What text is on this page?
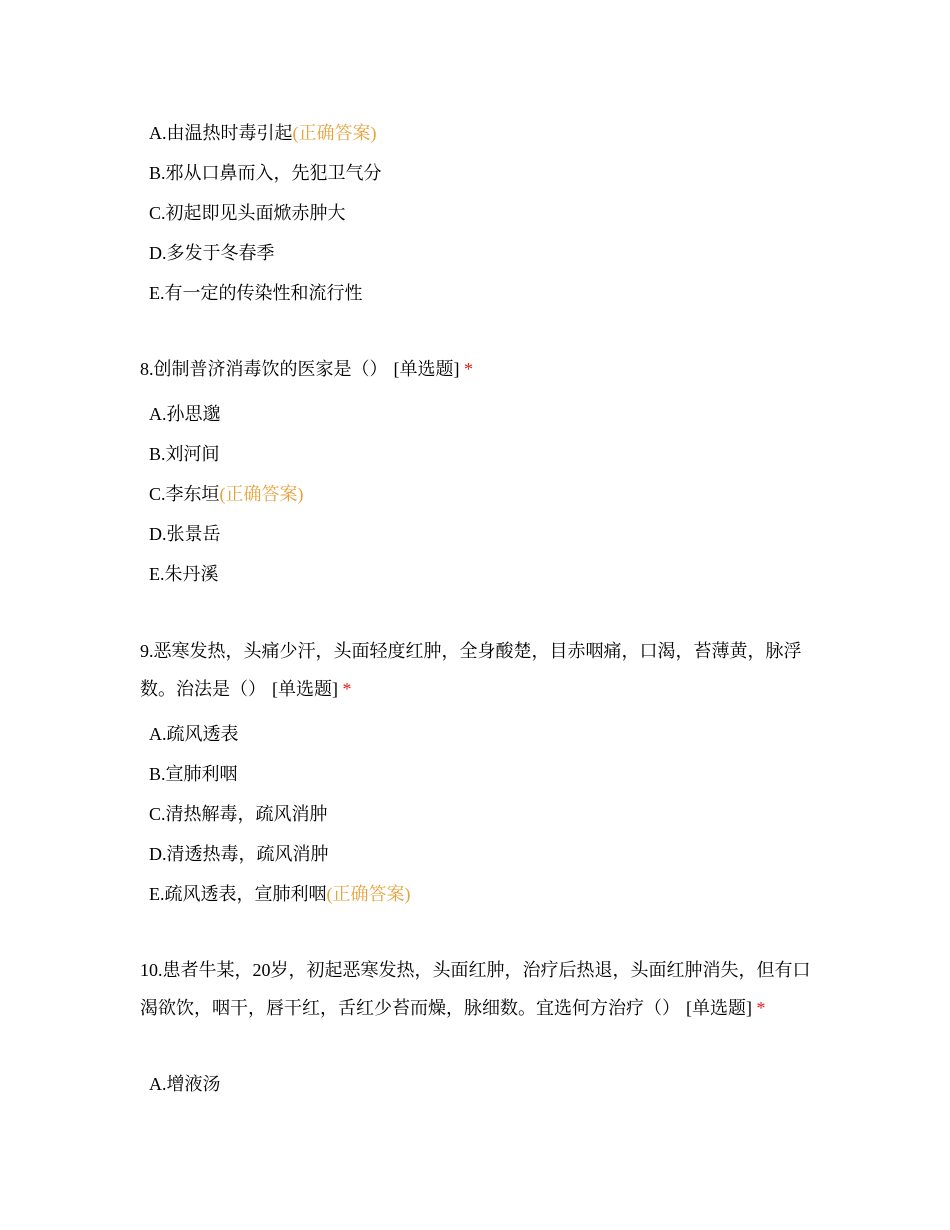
A.由温热时毒引起(正确答案)
B.邪从口鼻而入，先犯卫气分
C.初起即见头面焮赤肿大
D.多发于冬春季
E.有一定的传染性和流行性
8.创制普济消毒饮的医家是（） [单选题] *
A.孙思邈
B.刘河间
C.李东垣(正确答案)
D.张景岳
E.朱丹溪
9.恶寒发热，头痛少汗，头面轻度红肿，全身酸楚，目赤咽痛，口渴，苔薄黄，脉浮数。治法是（） [单选题] *
A.疏风透表
B.宣肺利咽
C.清热解毒，疏风消肿
D.清透热毒，疏风消肿
E.疏风透表，宣肺利咽(正确答案)
10.患者牛某，20岁，初起恶寒发热，头面红肿，治疗后热退，头面红肿消失，但有口渴欲饮，咽干，唇干红，舌红少苔而燥，脉细数。宜选何方治疗（） [单选题] *
A.增液汤
